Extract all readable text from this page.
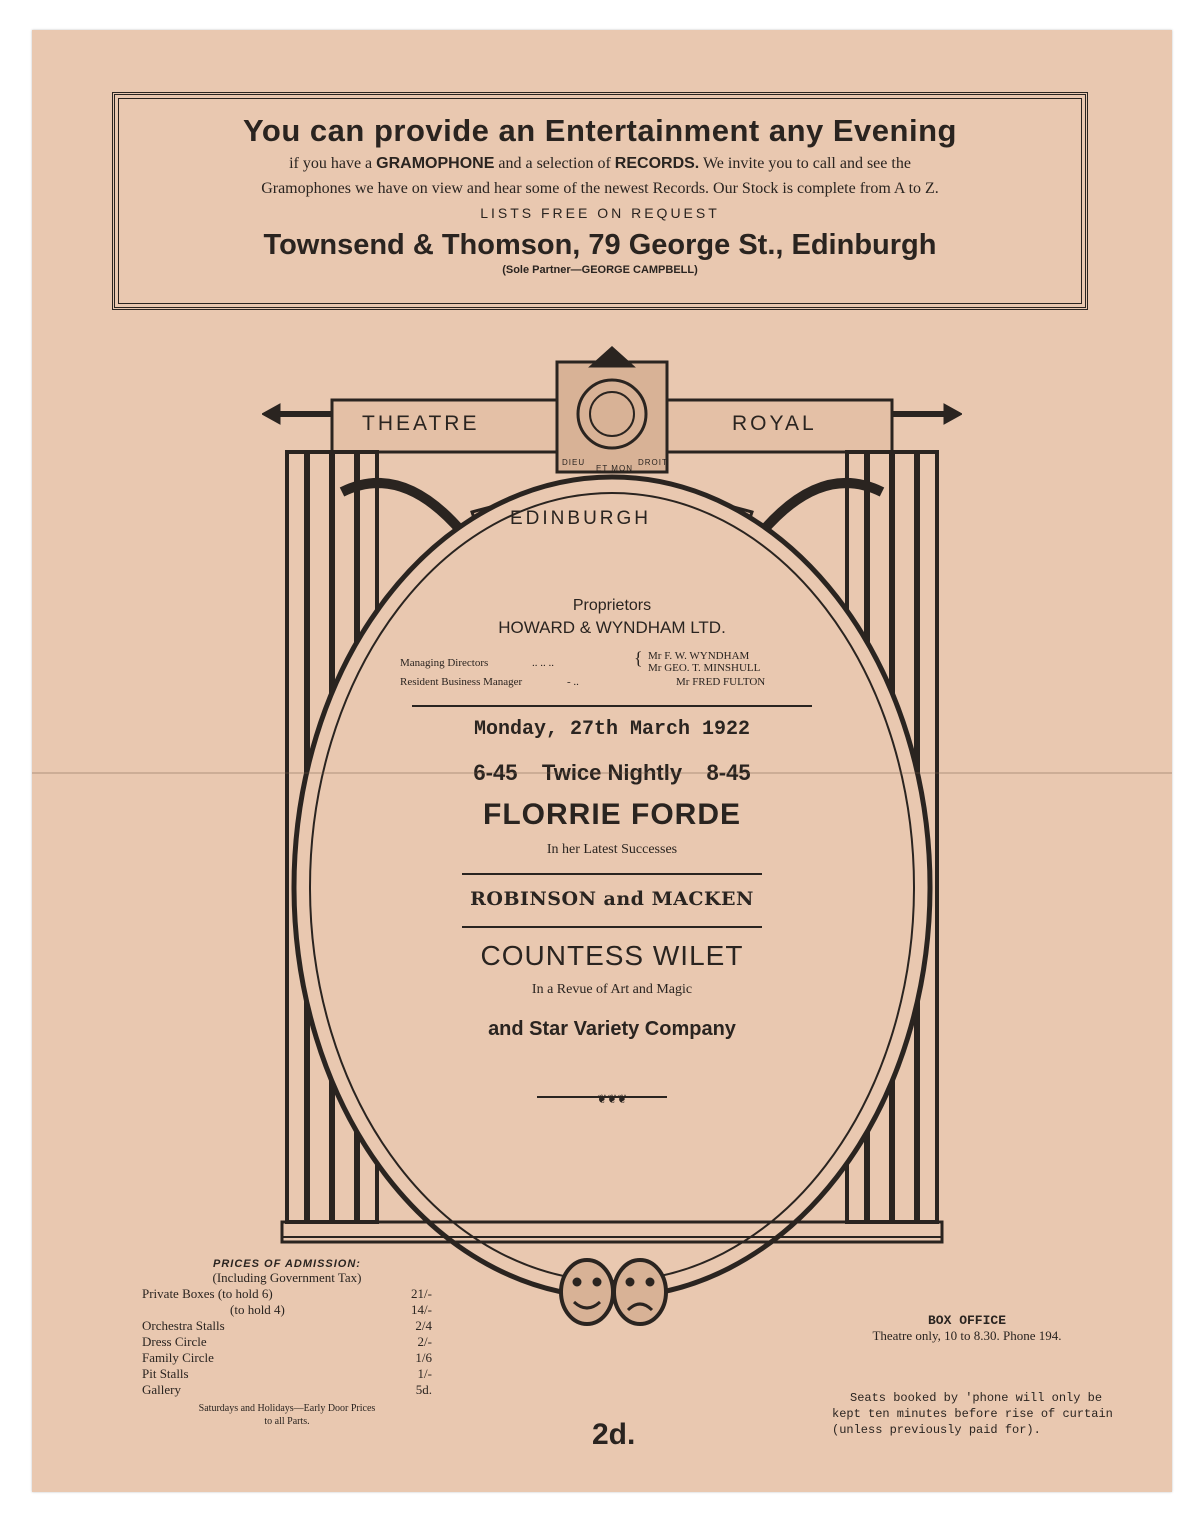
You can provide an Entertainment any Evening
if you have a GRAMOPHONE and a selection of RECORDS. We invite you to call and see the
Gramophones we have on view and hear some of the newest Records. Our Stock is complete from A to Z.
LISTS FREE ON REQUEST
Townsend & Thomson, 79 George St., Edinburgh
(Sole Partner—GEORGE CAMPBELL)
THEATRE	ROYAL
EDINBURGH
DIEU
ET MON
DROIT
Proprietors
HOWARD & WYNDHAM LTD.
Managing Directors	.. .. ..	{ Mr F. W. WYNDHAM
Mr GEO. T. MINSHULL
Resident Business Manager	- ..	Mr FRED FULTON
Monday, 27th March 1922
6-45 Twice Nightly 8-45
FLORRIE FORDE
In her Latest Successes
ROBINSON and MACKEN
COUNTESS WILET
In a Revue of Art and Magic
and Star Variety Company
❦❦❦
PRICES OF ADMISSION:
(Including Government Tax)
Private Boxes (to hold 6)	21/-
(to hold 4)	14/-
Orchestra Stalls	2/4
Dress Circle	2/-
Family Circle	1/6
Pit Stalls	1/-
Gallery	5d.
Saturdays and Holidays—Early Door Prices
to all Parts.	2d.
BOX OFFICE
Theatre only, 10 to 8.30. Phone 194.
Seats booked by 'phone will only be
kept ten minutes before rise of curtain
(unless previously paid for).
